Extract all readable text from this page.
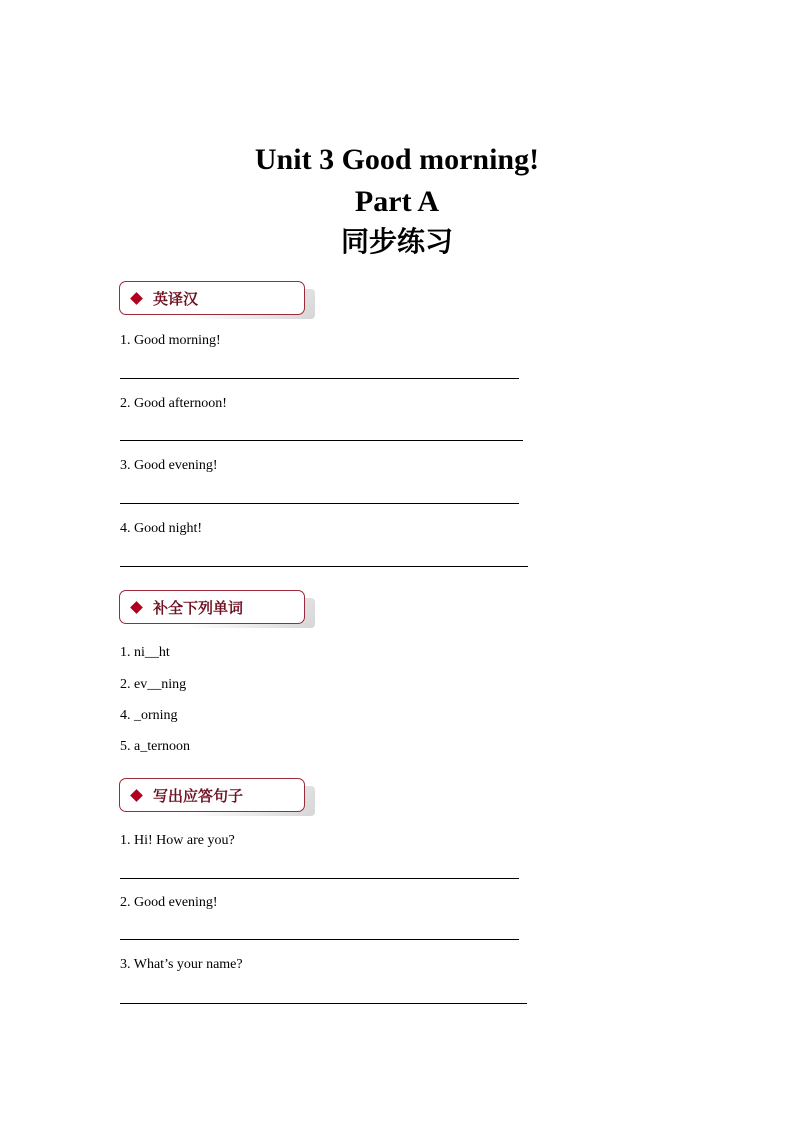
Unit 3 Good morning!
Part A
同步练习
英译汉
1. Good morning!
2. Good afternoon!
3. Good evening!
4. Good night!
补全下列单词
1. ni__ht
2. ev__ning
4. _orning
5. a_ternoon
写出应答句子
1. Hi! How are you?
2. Good evening!
3. What’s your name?
